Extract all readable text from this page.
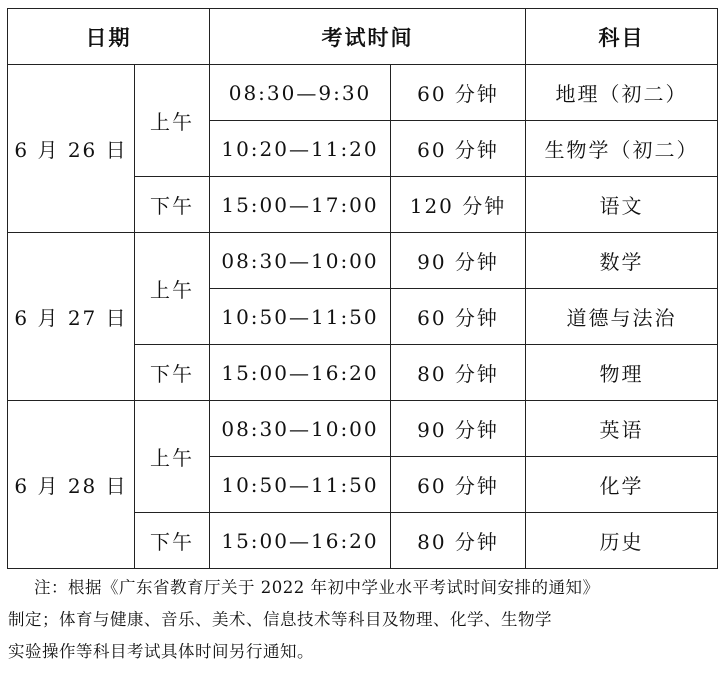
日期		考试时间		科目
6 月 26 日	上午	08:30—9:30	60 分钟	地理（初二）
		10:20—11:20	60 分钟	生物学（初二）
	下午	15:00—17:00	120 分钟	语文
6 月 27 日	上午	08:30—10:00	90 分钟	数学
		10:50—11:50	60 分钟	道德与法治
	下午	15:00—16:20	80 分钟	物理
6 月 28 日	上午	08:30—10:00	90 分钟	英语
		10:50—11:50	60 分钟	化学
	下午	15:00—16:20	80 分钟	历史
注：根据《广东省教育厅关于 2022 年初中学业水平考试时间安排的通知》
制定；体育与健康、音乐、美术、信息技术等科目及物理、化学、生物学
实验操作等科目考试具体时间另行通知。
